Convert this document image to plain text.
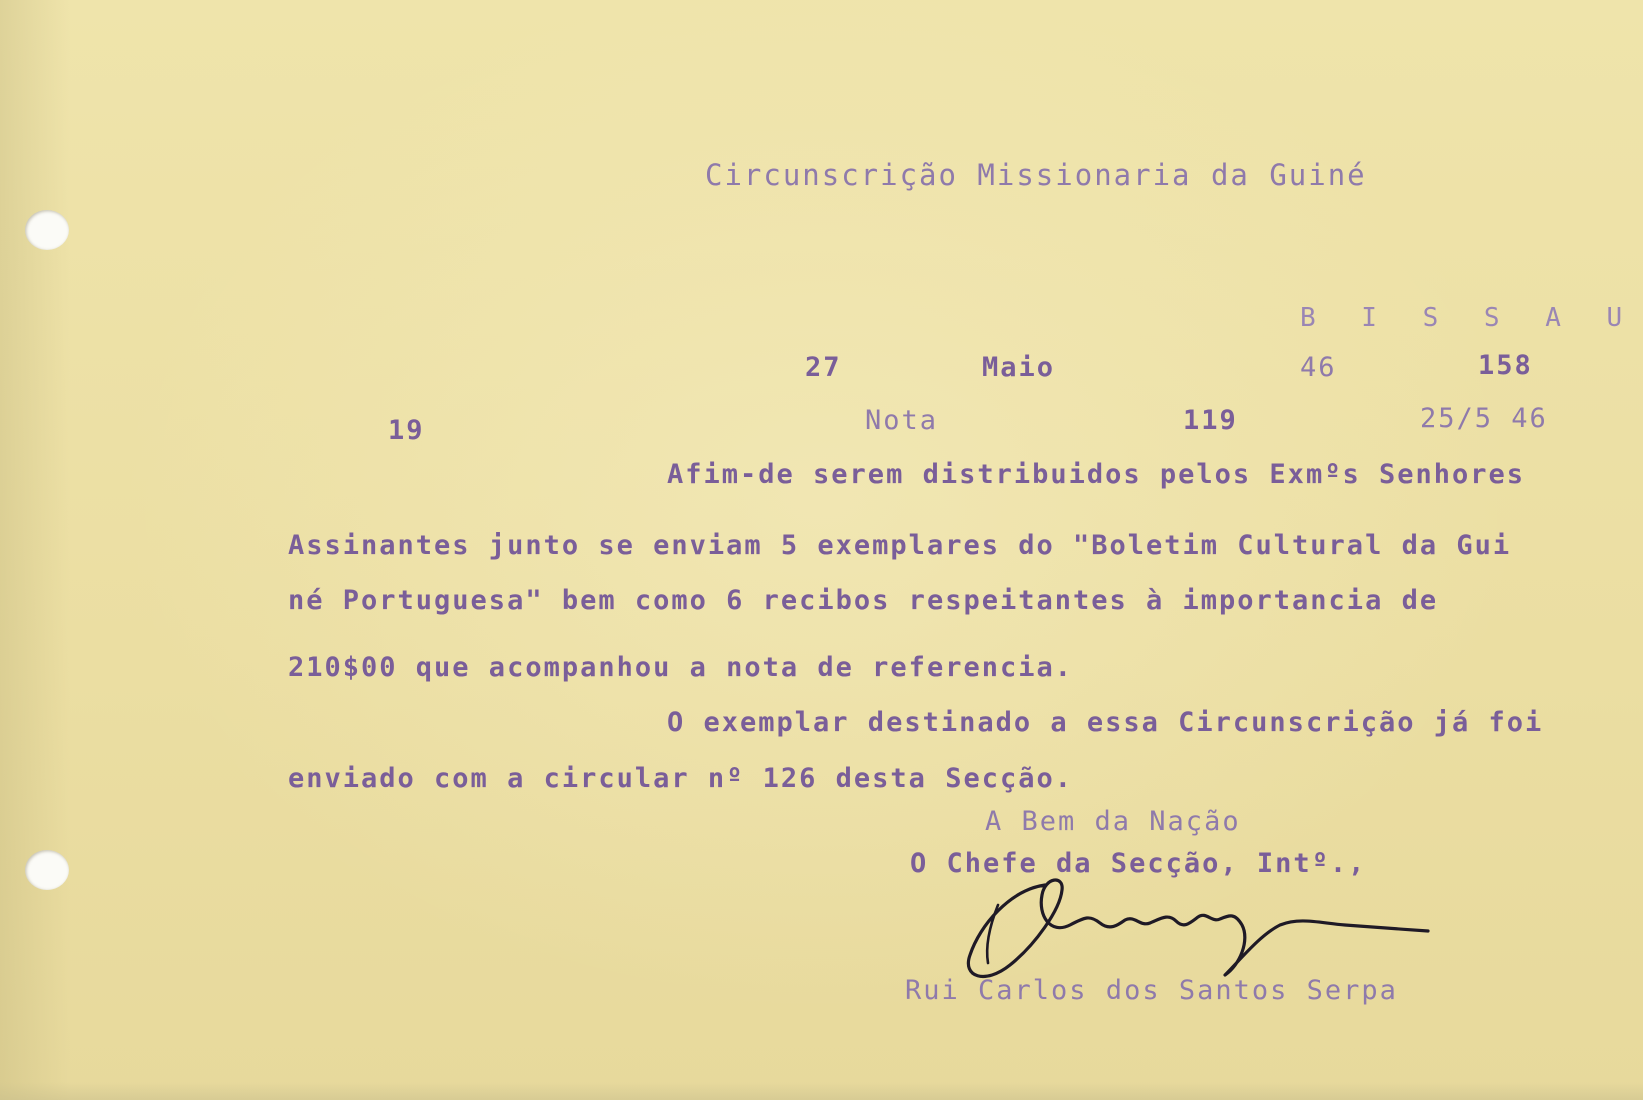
Circunscrição Missionaria da Guiné
B I S S A U
27	Maio	46	158
19	Nota	119	25/5 46
Afim-de serem distribuidos pelos Exmºs Senhores
Assinantes junto se enviam 5 exemplares do "Boletim Cultural da Gui
né Portuguesa" bem como 6 recibos respeitantes à importancia de
210$00 que acompanhou a nota de referencia.
O exemplar destinado a essa Circunscrição já foi
enviado com a circular nº 126 desta Secção.
A Bem da Nação
O Chefe da Secção, Intº.,
Rui Carlos dos Santos Serpa
